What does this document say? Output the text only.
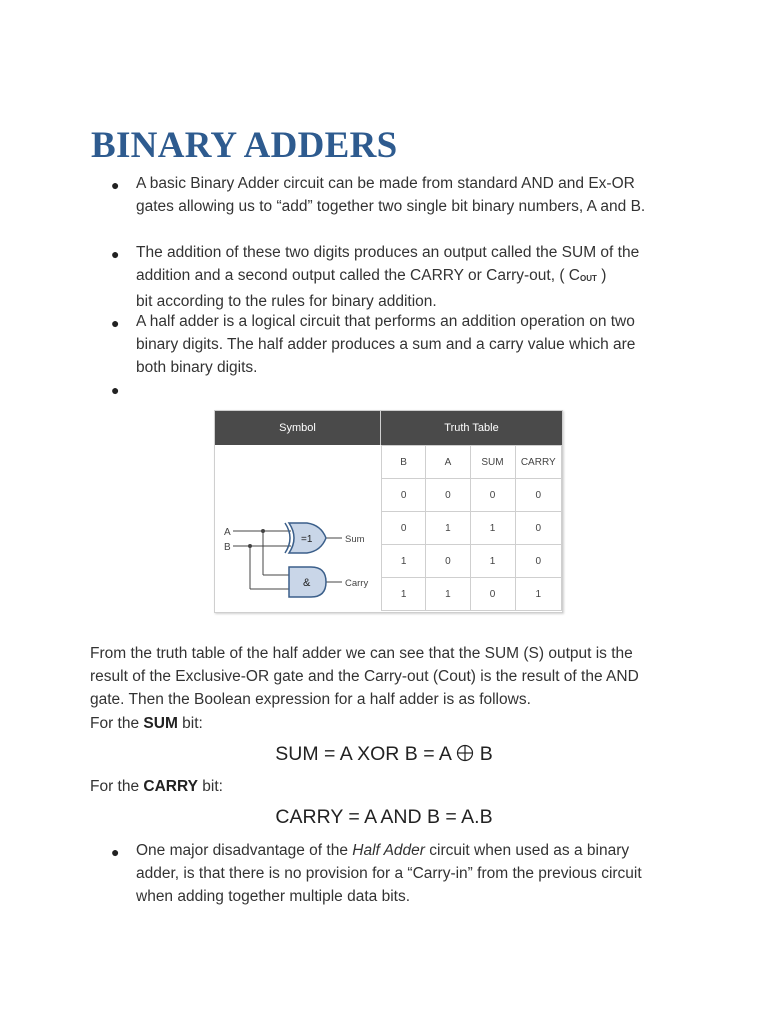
BINARY ADDERS
● A basic Binary Adder circuit can be made from standard AND and Ex-OR gates allowing us to “add” together two single bit binary numbers, A and B.
● The addition of these two digits produces an output called the SUM of the addition and a second output called the CARRY or Carry-out, ( COUT )
bit according to the rules for binary addition.
● A half adder is a logical circuit that performs an addition operation on two binary digits. The half adder produces a sum and a carry value which are both binary digits.
●
Symbol	Truth Table
A
B
=1
&
Sum
Carry
B	A	SUM	CARRY
0	0	0	0
0	1	1	0
1	0	1	0
1	1	0	1
From the truth table of the half adder we can see that the SUM (S) output is the result of the Exclusive-OR gate and the Carry-out (Cout) is the result of the AND gate. Then the Boolean expression for a half adder is as follows.
For the SUM bit:
SUM = A XOR B = A  B
For the CARRY bit:
CARRY = A AND B = A.B
● One major disadvantage of the Half Adder circuit when used as a binary adder, is that there is no provision for a “Carry-in” from the previous circuit when adding together multiple data bits.
